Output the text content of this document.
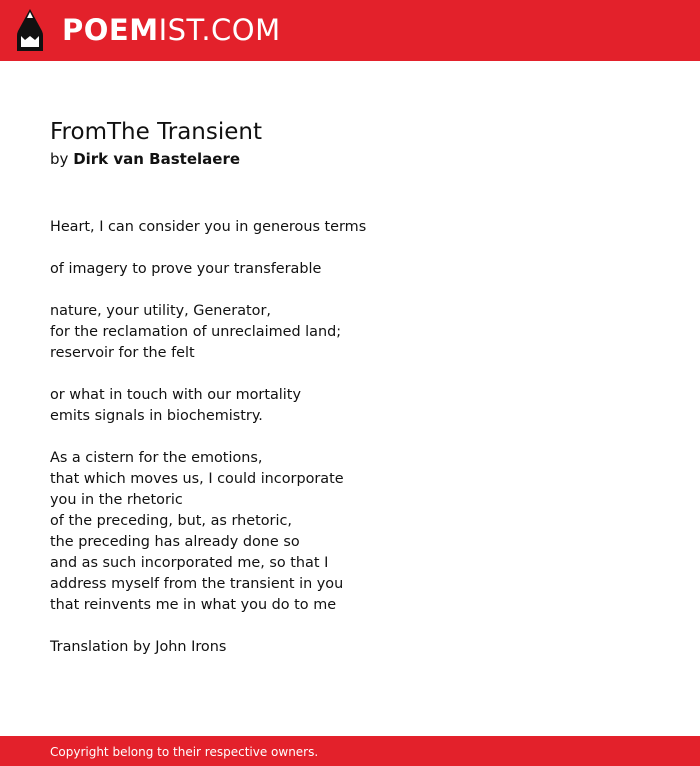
POEMIST.COM
FromThe Transient
by Dirk van Bastelaere
Heart, I can consider you in generous terms
of imagery to prove your transferable
nature, your utility, Generator,
for the reclamation of unreclaimed land;
reservoir for the felt
or what in touch with our mortality
emits signals in biochemistry.
As a cistern for the emotions,
that which moves us, I could incorporate
you in the rhetoric
of the preceding, but, as rhetoric,
the preceding has already done so
and as such incorporated me, so that I
address myself from the transient in you
that reinvents me in what you do to me
Translation by John Irons
Copyright belong to their respective owners.
